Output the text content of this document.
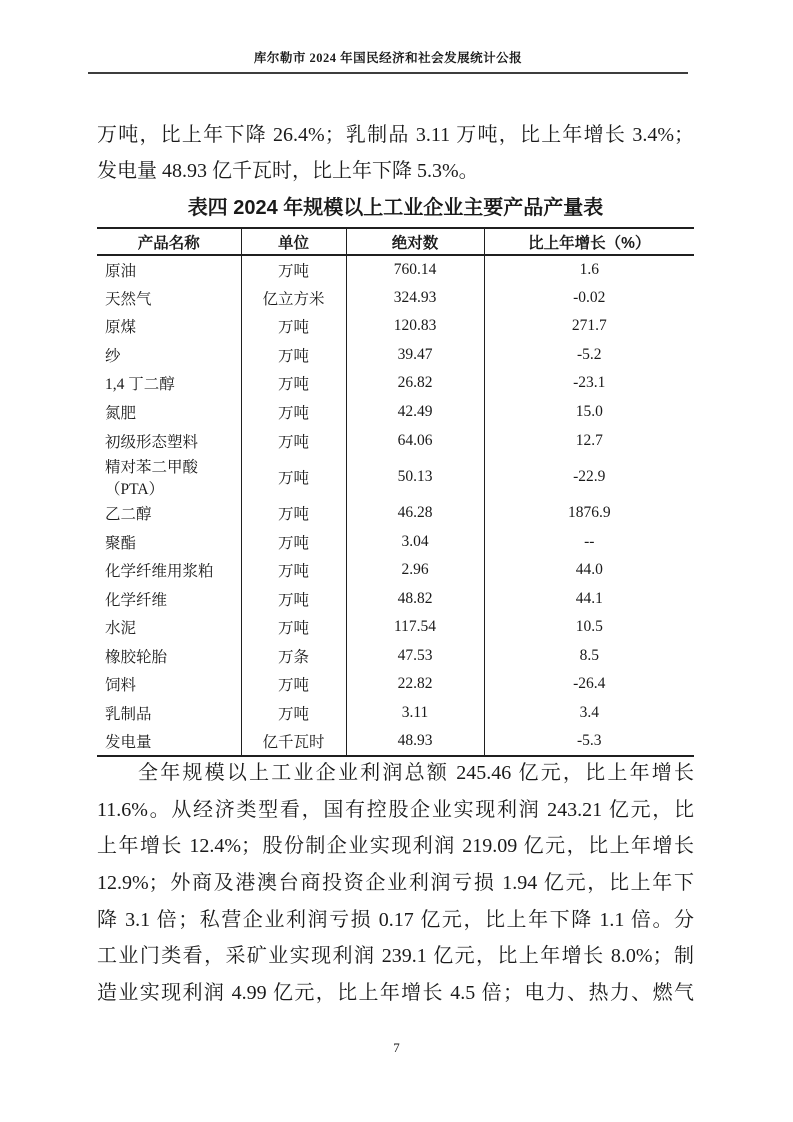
库尔勒市 2024 年国民经济和社会发展统计公报
万吨，比上年下降 26.4%；乳制品 3.11 万吨，比上年增长 3.4%；
发电量 48.93 亿千瓦时，比上年下降 5.3%。
表四 2024 年规模以上工业企业主要产品产量表
产品名称	单位	绝对数	比上年增长（%）
原油	万吨	760.14	1.6
天然气	亿立方米	324.93	-0.02
原煤	万吨	120.83	271.7
纱	万吨	39.47	-5.2
1,4 丁二醇	万吨	26.82	-23.1
氮肥	万吨	42.49	15.0
初级形态塑料	万吨	64.06	12.7
精对苯二甲酸（PTA）	万吨	50.13	-22.9
乙二醇	万吨	46.28	1876.9
聚酯	万吨	3.04	--
化学纤维用浆粕	万吨	2.96	44.0
化学纤维	万吨	48.82	44.1
水泥	万吨	117.54	10.5
橡胶轮胎	万条	47.53	8.5
饲料	万吨	22.82	-26.4
乳制品	万吨	3.11	3.4
发电量	亿千瓦时	48.93	-5.3
全年规模以上工业企业利润总额 245.46 亿元，比上年增长
11.6%。从经济类型看，国有控股企业实现利润 243.21 亿元，比
上年增长 12.4%；股份制企业实现利润 219.09 亿元，比上年增长
12.9%；外商及港澳台商投资企业利润亏损 1.94 亿元，比上年下
降 3.1 倍；私营企业利润亏损 0.17 亿元，比上年下降 1.1 倍。分
工业门类看，采矿业实现利润 239.1 亿元，比上年增长 8.0%；制
造业实现利润 4.99 亿元，比上年增长 4.5 倍；电力、热力、燃气
7
